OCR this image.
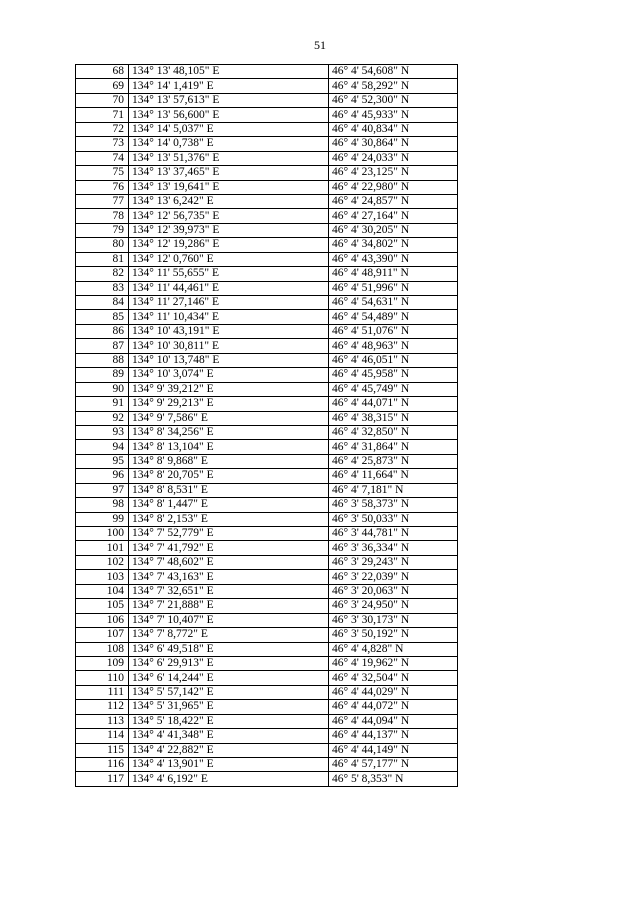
51
68	134° 13' 48,105" E	46° 4' 54,608" N
69	134° 14' 1,419" E	46° 4' 58,292" N
70	134° 13' 57,613" E	46° 4' 52,300" N
71	134° 13' 56,600" E	46° 4' 45,933" N
72	134° 14' 5,037" E	46° 4' 40,834" N
73	134° 14' 0,738" E	46° 4' 30,864" N
74	134° 13' 51,376" E	46° 4' 24,033" N
75	134° 13' 37,465" E	46° 4' 23,125" N
76	134° 13' 19,641" E	46° 4' 22,980" N
77	134° 13' 6,242" E	46° 4' 24,857" N
78	134° 12' 56,735" E	46° 4' 27,164" N
79	134° 12' 39,973" E	46° 4' 30,205" N
80	134° 12' 19,286" E	46° 4' 34,802" N
81	134° 12' 0,760" E	46° 4' 43,390" N
82	134° 11' 55,655" E	46° 4' 48,911" N
83	134° 11' 44,461" E	46° 4' 51,996" N
84	134° 11' 27,146" E	46° 4' 54,631" N
85	134° 11' 10,434" E	46° 4' 54,489" N
86	134° 10' 43,191" E	46° 4' 51,076" N
87	134° 10' 30,811" E	46° 4' 48,963" N
88	134° 10' 13,748" E	46° 4' 46,051" N
89	134° 10' 3,074" E	46° 4' 45,958" N
90	134° 9' 39,212" E	46° 4' 45,749" N
91	134° 9' 29,213" E	46° 4' 44,071" N
92	134° 9' 7,586" E	46° 4' 38,315" N
93	134° 8' 34,256" E	46° 4' 32,850" N
94	134° 8' 13,104" E	46° 4' 31,864" N
95	134° 8' 9,868" E	46° 4' 25,873" N
96	134° 8' 20,705" E	46° 4' 11,664" N
97	134° 8' 8,531" E	46° 4' 7,181" N
98	134° 8' 1,447" E	46° 3' 58,373" N
99	134° 8' 2,153" E	46° 3' 50,033" N
100	134° 7' 52,779" E	46° 3' 44,781" N
101	134° 7' 41,792" E	46° 3' 36,334" N
102	134° 7' 48,602" E	46° 3' 29,243" N
103	134° 7' 43,163" E	46° 3' 22,039" N
104	134° 7' 32,651" E	46° 3' 20,063" N
105	134° 7' 21,888" E	46° 3' 24,950" N
106	134° 7' 10,407" E	46° 3' 30,173" N
107	134° 7' 8,772" E	46° 3' 50,192" N
108	134° 6' 49,518" E	46° 4' 4,828" N
109	134° 6' 29,913" E	46° 4' 19,962" N
110	134° 6' 14,244" E	46° 4' 32,504" N
111	134° 5' 57,142" E	46° 4' 44,029" N
112	134° 5' 31,965" E	46° 4' 44,072" N
113	134° 5' 18,422" E	46° 4' 44,094" N
114	134° 4' 41,348" E	46° 4' 44,137" N
115	134° 4' 22,882" E	46° 4' 44,149" N
116	134° 4' 13,901" E	46° 4' 57,177" N
117	134° 4' 6,192" E	46° 5' 8,353" N
